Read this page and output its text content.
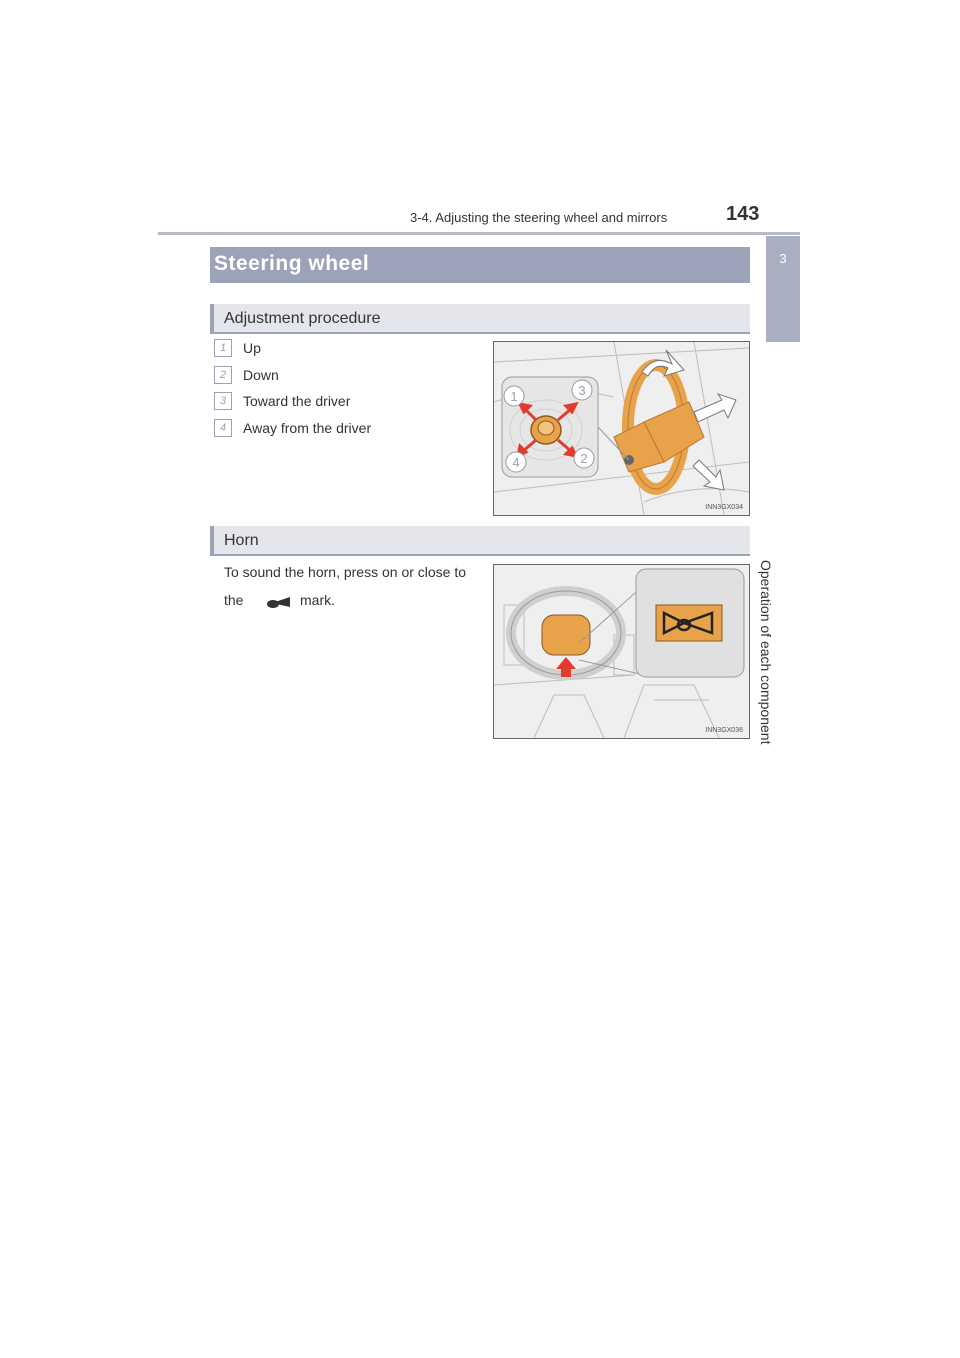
3-4. Adjusting the steering wheel and mirrors	143
3
Operation of each component
Steering wheel
Adjustment procedure
1	Up
2	Down
3	Toward the driver
4	Away from the driver
1	3
4	2
INN3GX034
Horn
To sound the horn, press on or close to
the	mark.
INN3GX036
